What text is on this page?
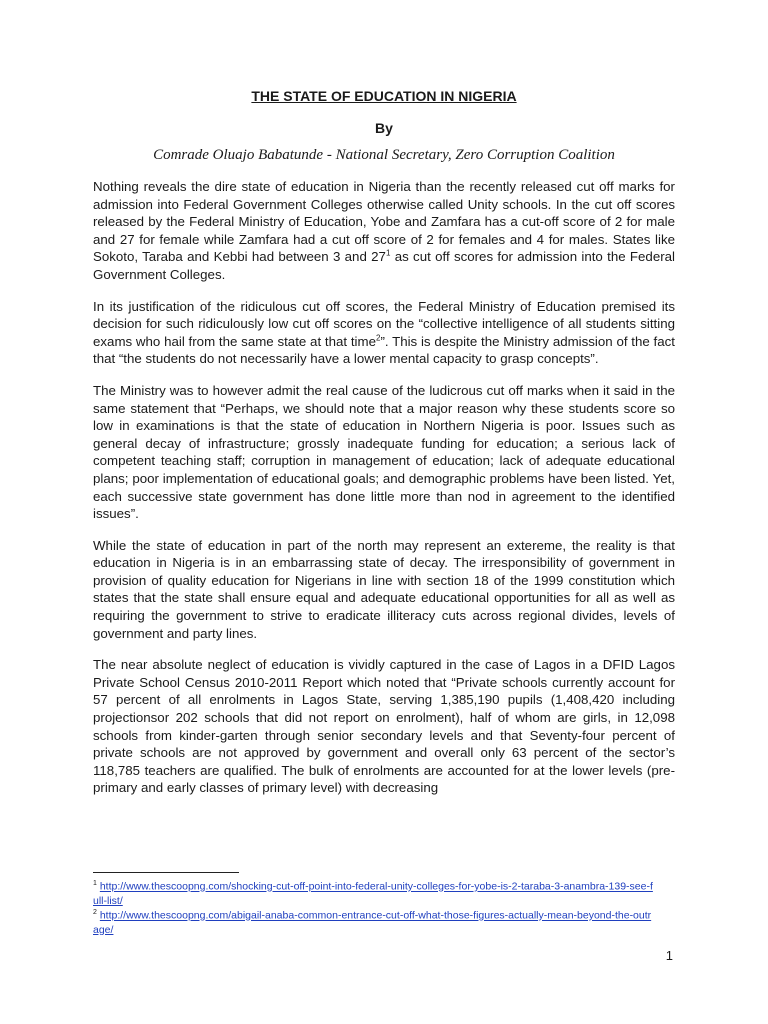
THE STATE OF EDUCATION IN NIGERIA
By
Comrade Oluajo Babatunde - National Secretary, Zero Corruption Coalition

Nothing reveals the dire state of education in Nigeria than the recently released cut off marks for admission into Federal Government Colleges otherwise called Unity schools. In the cut off scores released by the Federal Ministry of Education, Yobe and Zamfara has a cut-off score of 2 for male and 27 for female while Zamfara had a cut off score of 2 for females and 4 for males. States like Sokoto, Taraba and Kebbi had between 3 and $27^1$ as cut off scores for admission into the Federal Government Colleges.

In its justification of the ridiculous cut off scores, the Federal Ministry of Education premised its decision for such ridiculously low cut off scores on the “collective intelligence of all students sitting exams who hail from the same state at that time$^2$”. This is despite the Ministry admission of the fact that “the students do not necessarily have a lower mental capacity to grasp concepts”.

The Ministry was to however admit the real cause of the ludicrous cut off marks when it said in the same statement that “Perhaps, we should note that a major reason why these students score so low in examinations is that the state of education in Northern Nigeria is poor. Issues such as general decay of infrastructure; grossly inadequate funding for education; a serious lack of competent teaching staff; corruption in management of education; lack of adequate educational plans; poor implementation of educational goals; and demographic problems have been listed. Yet, each successive state government has done little more than nod in agreement to the identified issues”.

While the state of education in part of the north may represent an extereme, the reality is that education in Nigeria is in an embarrassing state of decay. The irresponsibility of government in provision of quality education for Nigerians in line with section 18 of the 1999 constitution which states that the state shall ensure equal and adequate educational opportunities for all as well as requiring the government to strive to eradicate illiteracy cuts across regional divides, levels of government and party lines.

The near absolute neglect of education is vividly captured in the case of Lagos in a DFID Lagos Private School Census 2010-2011 Report which noted that “Private schools currently account for 57 percent of all enrolments in Lagos State, serving 1,385,190 pupils (1,408,420 including projectionsor 202 schools that did not report on enrolment), half of whom are girls, in 12,098 schools from kinder-garten through senior secondary levels and that Seventy-four percent of private schools are not approved by government and overall only 63 percent of the sector’s 118,785 teachers are qualified. The bulk of enrolments are accounted for at the lower levels (pre-primary and early classes of primary level) with decreasing

$^1$ http://www.thescoopng.com/shocking-cut-off-point-into-federal-unity-colleges-for-yobe-is-2-taraba-3-anambra-139-see-full-list/
$^2$ http://www.thescoopng.com/abigail-anaba-common-entrance-cut-off-what-those-figures-actually-mean-beyond-the-outrage/
1
